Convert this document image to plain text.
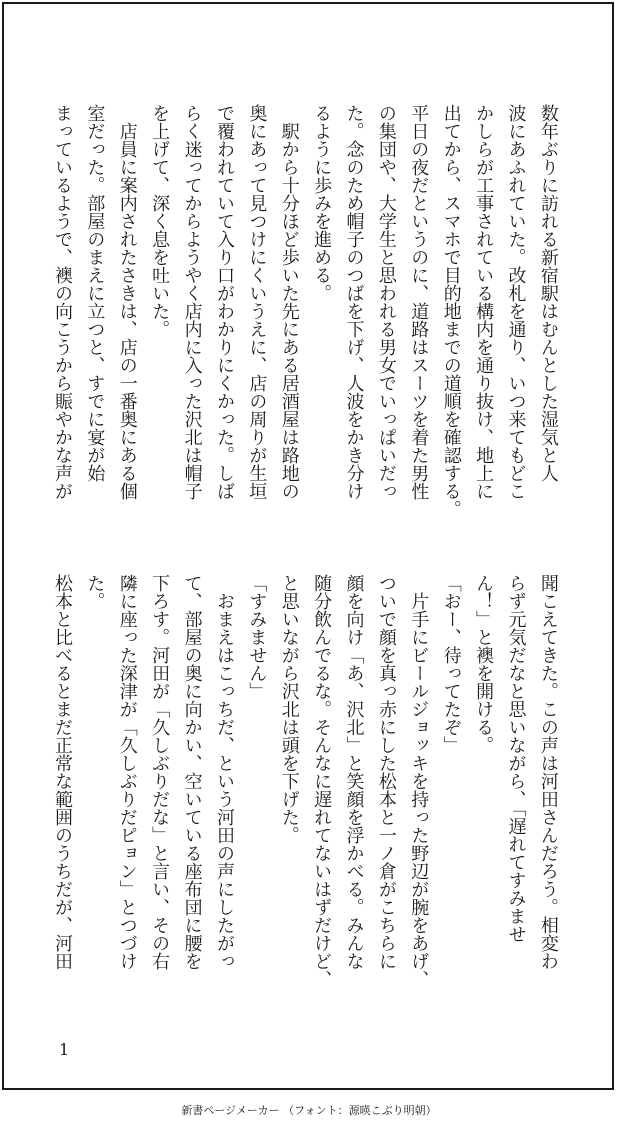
数年ぶりに訪れる新宿駅はむんとした湿気と人
波にあふれていた。改札を通り、いつ来てもどこ
かしらが工事されている構内を通り抜け、地上に
出てから、スマホで目的地までの道順を確認する。
平日の夜だというのに、道路はスーツを着た男性
の集団や、大学生と思われる男女でいっぱいだっ
た。念のため帽子のつばを下げ、人波をかき分け
るように歩みを進める。
駅から十分ほど歩いた先にある居酒屋は路地の
奥にあって見つけにくいうえに、店の周りが生垣
で覆われていて入り口がわかりにくかった。しば
らく迷ってからようやく店内に入った沢北は帽子
を上げて、深く息を吐いた。
店員に案内されたさきは、店の一番奥にある個
室だった。部屋のまえに立つと、すでに宴が始
まっているようで、襖の向こうから賑やかな声が
聞こえてきた。この声は河田さんだろう。相変わ
らず元気だなと思いながら、「遅れてすみませ
ん！」と襖を開ける。
「おー、待ってたぞ」
片手にビールジョッキを持った野辺が腕をあげ、
ついで顔を真っ赤にした松本と一ノ倉がこちらに
顔を向け「あ、沢北」と笑顔を浮かべる。みんな
随分飲んでるな。そんなに遅れてないはずだけど、
と思いながら沢北は頭を下げた。
「すみません」
おまえはこっちだ、という河田の声にしたがっ
て、部屋の奥に向かい、空いている座布団に腰を
下ろす。河田が「久しぶりだな」と言い、その右
隣に座った深津が「久しぶりだピョン」とつづけ
た。
松本と比べるとまだ正常な範囲のうちだが、河田
1
新書ページメーカー （フォント：源暎こぶり明朝）
